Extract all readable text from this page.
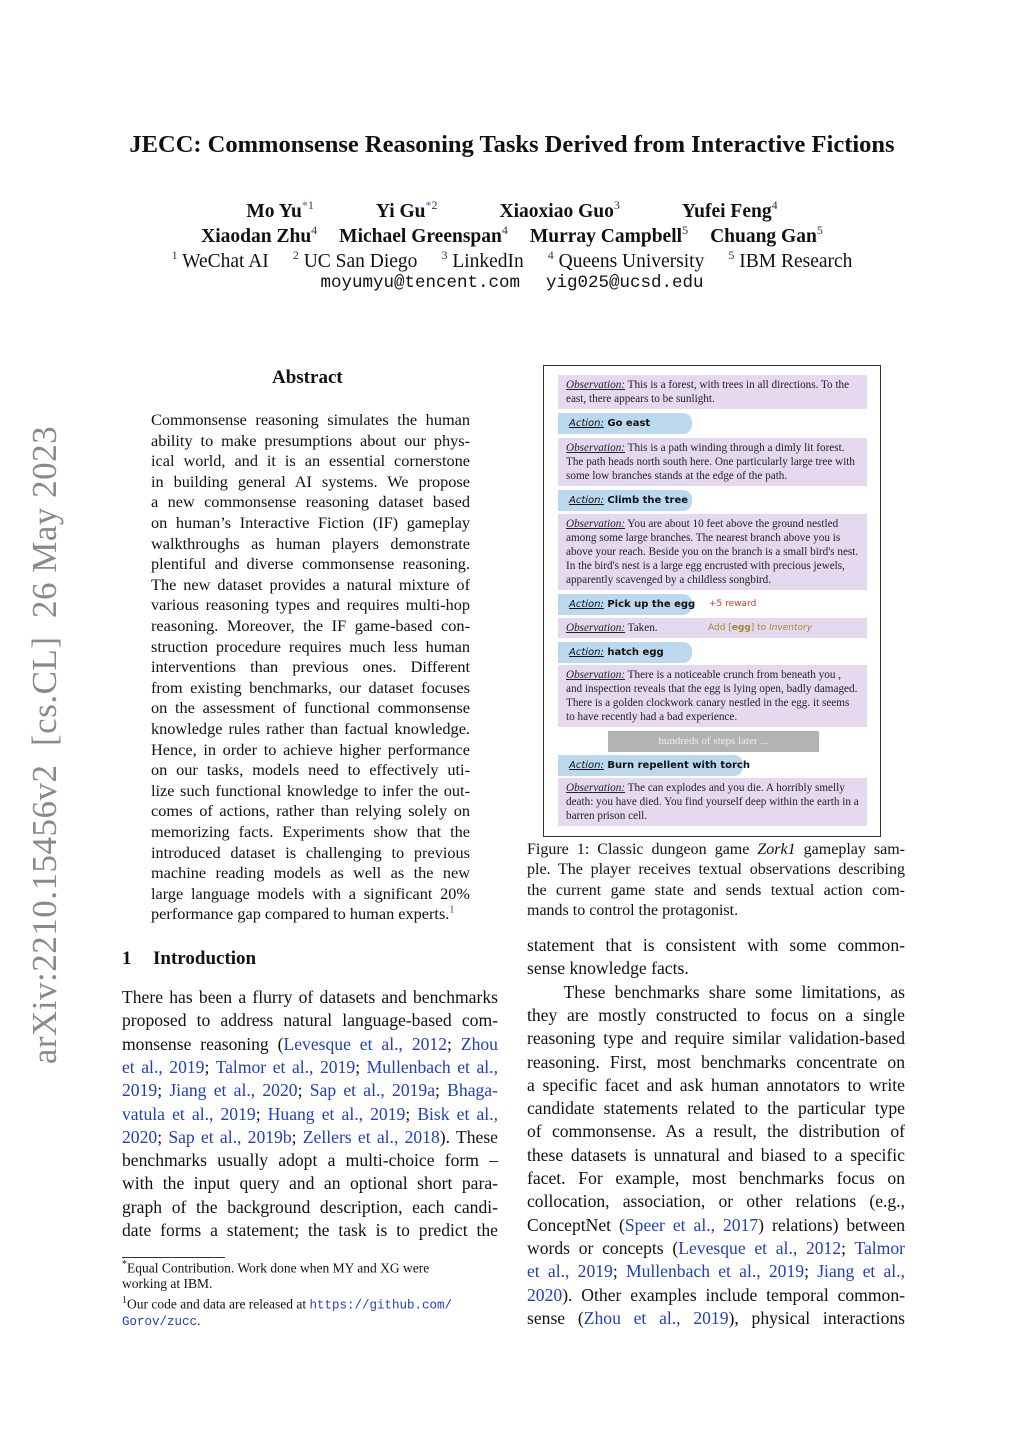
arXiv:2210.15456v2  [cs.CL]  26 May 2023
JECC: Commonsense Reasoning Tasks Derived from Interactive Fictions
Mo Yu$^{*1}$	Yi Gu$^{*2}$	Xiaoxiao Guo$^3$	Yufei Feng$^4$
Xiaodan Zhu$^4$ Michael Greenspan$^4$ Murray Campbell$^5$ Chuang Gan$^5$
$^1$ WeChat AI $^2$ UC San Diego $^3$ LinkedIn $^4$ Queens University $^5$ IBM Research
moyumyu@tencent.com yig025@ucsd.edu
Abstract
Commonsense reasoning simulates the human
ability to make presumptions about our phys-
ical world, and it is an essential cornerstone
in building general AI systems. We propose
a new commonsense reasoning dataset based
on human’s Interactive Fiction (IF) gameplay
walkthroughs as human players demonstrate
plentiful and diverse commonsense reasoning.
The new dataset provides a natural mixture of
various reasoning types and requires multi-hop
reasoning. Moreover, the IF game-based con-
struction procedure requires much less human
interventions than previous ones. Different
from existing benchmarks, our dataset focuses
on the assessment of functional commonsense
knowledge rules rather than factual knowledge.
Hence, in order to achieve higher performance
on our tasks, models need to effectively uti-
lize such functional knowledge to infer the out-
comes of actions, rather than relying solely on
memorizing facts. Experiments show that the
introduced dataset is challenging to previous
machine reading models as well as the new
large language models with a significant 20%
performance gap compared to human experts.$^1$
1 Introduction
There has been a flurry of datasets and benchmarks
proposed to address natural language-based com-
monsense reasoning (Levesque et al., 2012; Zhou
et al., 2019; Talmor et al., 2019; Mullenbach et al.,
2019; Jiang et al., 2020; Sap et al., 2019a; Bhaga-
vatula et al., 2019; Huang et al., 2019; Bisk et al.,
2020; Sap et al., 2019b; Zellers et al., 2018). These
benchmarks usually adopt a multi-choice form –
with the input query and an optional short para-
graph of the background description, each candi-
date forms a statement; the task is to predict the
*Equal Contribution. Work done when MY and XG were
working at IBM.
$^1$Our code and data are released at https://github.com/
Gorov/zucc.
Observation: This is a forest, with trees in all directions. To the east, there appears to be sunlight.
Action: Go east
Observation: This is a path winding through a dimly lit forest. The path heads north south here. One particularly large tree with some low branches stands at the edge of the path.
Action: Climb the tree
Observation: You are about 10 feet above the ground nestled among some large branches. The nearest branch above you is above your reach. Beside you on the branch is a small bird's nest. In the bird's nest is a large egg encrusted with precious jewels, apparently scavenged by a childless songbird.
Action: Pick up the egg
Observation: Taken.
Action: hatch egg
Observation: There is a noticeable crunch from beneath you , and inspection reveals that the egg is lying open, badly damaged. There is a golden clockwork canary nestled in the egg. it seems to have recently had a bad experience.
Action: Burn repellent with torch
Observation: The can explodes and you die. A horribly smelly death: you have died. You find yourself deep within the earth in a barren prison cell.
+5 reward
Add [egg] to Inventory
hundreds of steps later ...
Figure 1: Classic dungeon game Zork1 gameplay sam-
ple. The player receives textual observations describing
the current game state and sends textual action com-
mands to control the protagonist.
statement that is consistent with some common-
sense knowledge facts.
These benchmarks share some limitations, as
they are mostly constructed to focus on a single
reasoning type and require similar validation-based
reasoning. First, most benchmarks concentrate on
a specific facet and ask human annotators to write
candidate statements related to the particular type
of commonsense. As a result, the distribution of
these datasets is unnatural and biased to a specific
facet. For example, most benchmarks focus on
collocation, association, or other relations (e.g.,
ConceptNet (Speer et al., 2017) relations) between
words or concepts (Levesque et al., 2012; Talmor
et al., 2019; Mullenbach et al., 2019; Jiang et al.,
2020). Other examples include temporal common-
sense (Zhou et al., 2019), physical interactions
